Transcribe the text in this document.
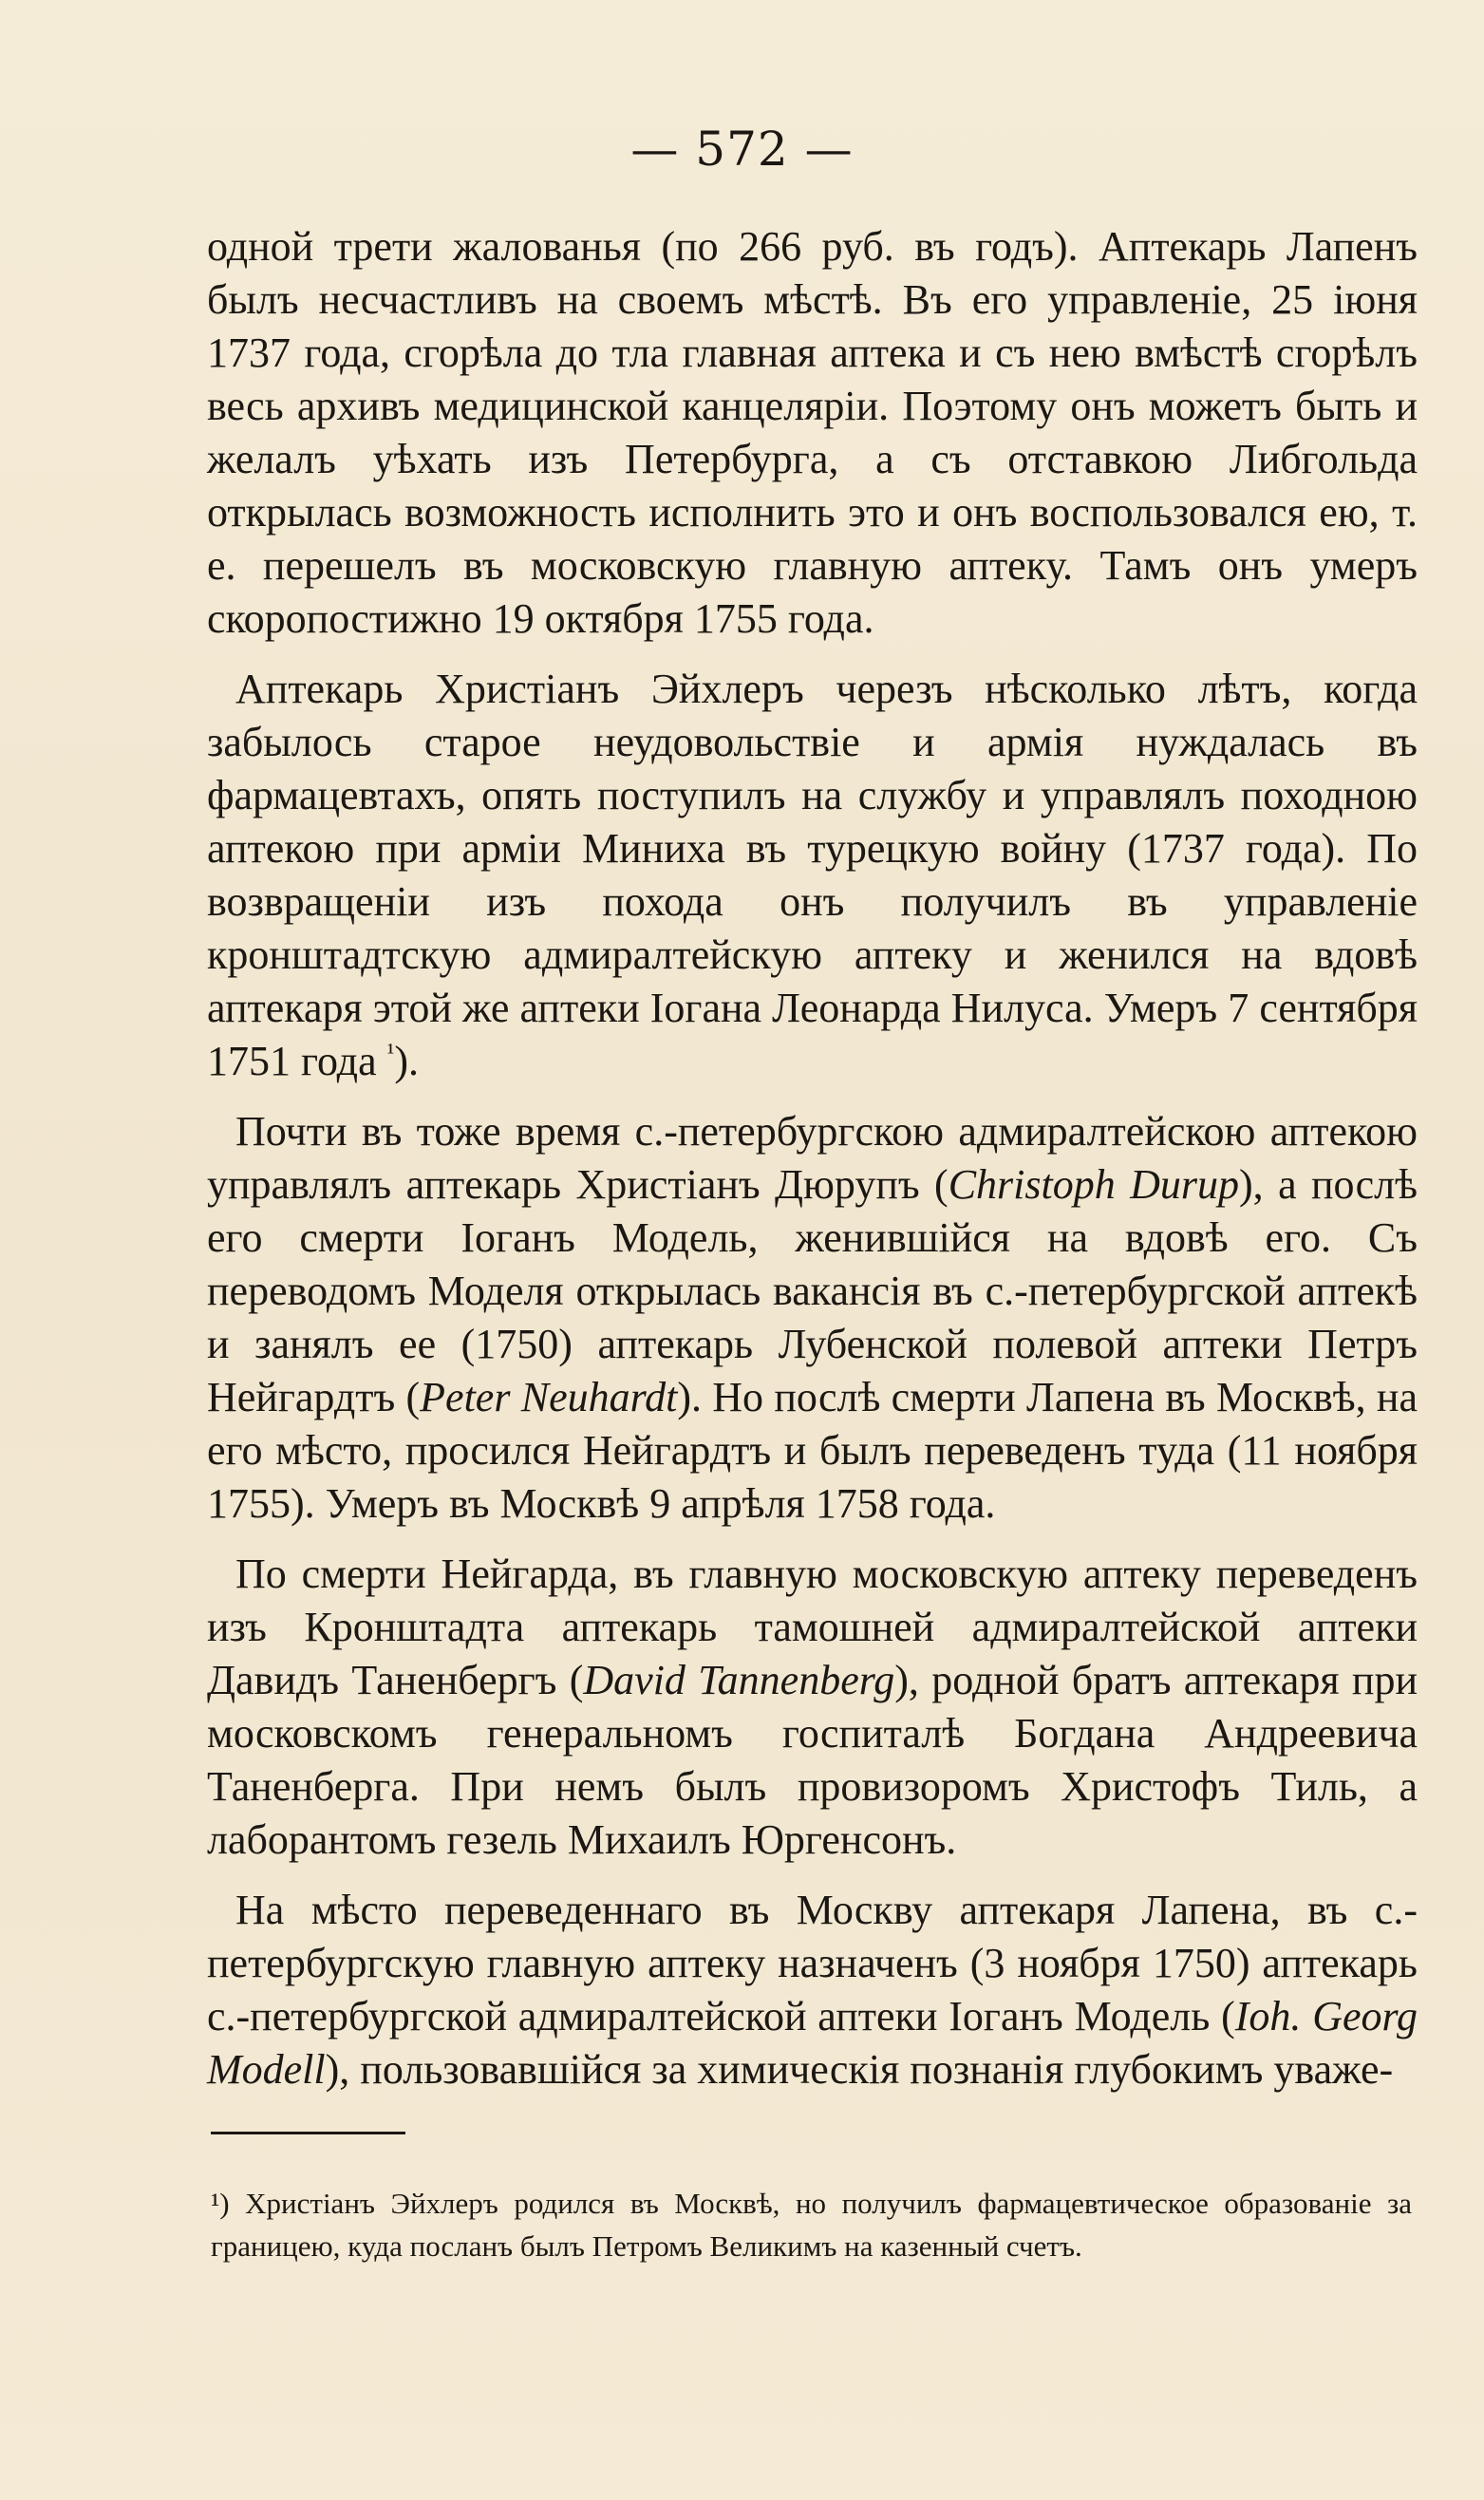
— 572 —

одной трети жалованья (по 266 руб. въ годъ). Аптекарь Лапенъ былъ несчастливъ на своемъ мѣстѣ. Въ его управленіе, 25 іюня 1737 года, сгорѣла до тла главная аптека и съ нею вмѣстѣ сгорѣлъ весь архивъ медицинской канцеляріи. Поэтому онъ можетъ быть и желалъ уѣхать изъ Петербурга, а съ отставкою Либгольда открылась возможность исполнить это и онъ воспользовался ею, т. е. перешелъ въ московскую главную аптеку. Тамъ онъ умеръ скоропостижно 19 октября 1755 года.

Аптекарь Христіанъ Эйхлеръ черезъ нѣсколько лѣтъ, когда забылось старое неудовольствіе и армія нуждалась въ фармацевтахъ, опять поступилъ на службу и управлялъ походною аптекою при арміи Миниха въ турецкую войну (1737 года). По возвращеніи изъ похода онъ получилъ въ управленіе кронштадтскую адмиралтейскую аптеку и женился на вдовѣ аптекаря этой же аптеки Іогана Леонарда Нилуса. Умеръ 7 сентября 1751 года $^{^1}$).

Почти въ тоже время с.-петербургскою адмиралтейскою аптекою управлялъ аптекарь Христіанъ Дюрупъ (Christoph Durup), а послѣ его смерти Іоганъ Модель, женившійся на вдовѣ его. Съ переводомъ Моделя открылась вакансія въ с.-петербургской аптекѣ и занялъ ее (1750) аптекарь Лубенской полевой аптеки Петръ Нейгардтъ (Peter Neuhardt). Но послѣ смерти Лапена въ Москвѣ, на его мѣсто, просился Нейгардтъ и былъ переведенъ туда (11 ноября 1755). Умеръ въ Москвѣ 9 апрѣля 1758 года.

По смерти Нейгарда, въ главную московскую аптеку переведенъ изъ Кронштадта аптекарь тамошней адмиралтейской аптеки Давидъ Таненбергъ (David Tannenberg), родной братъ аптекаря при московскомъ генеральномъ госпиталѣ Богдана Андреевича Таненберга. При немъ былъ провизоромъ Христофъ Тиль, а лаборантомъ гезель Михаилъ Юргенсонъ.

На мѣсто переведеннаго въ Москву аптекаря Лапена, въ с.-петербургскую главную аптеку назначенъ (3 ноября 1750) аптекарь с.-петербургской адмиралтейской аптеки Іоганъ Модель (Ioh. Georg Modell), пользовавшійся за химическія познанія глубокимъ уваже-

¹) Христіанъ Эйхлеръ родился въ Москвѣ, но получилъ фармацевтическое образованіе за границею, куда посланъ былъ Петромъ Великимъ на казенный счетъ.
